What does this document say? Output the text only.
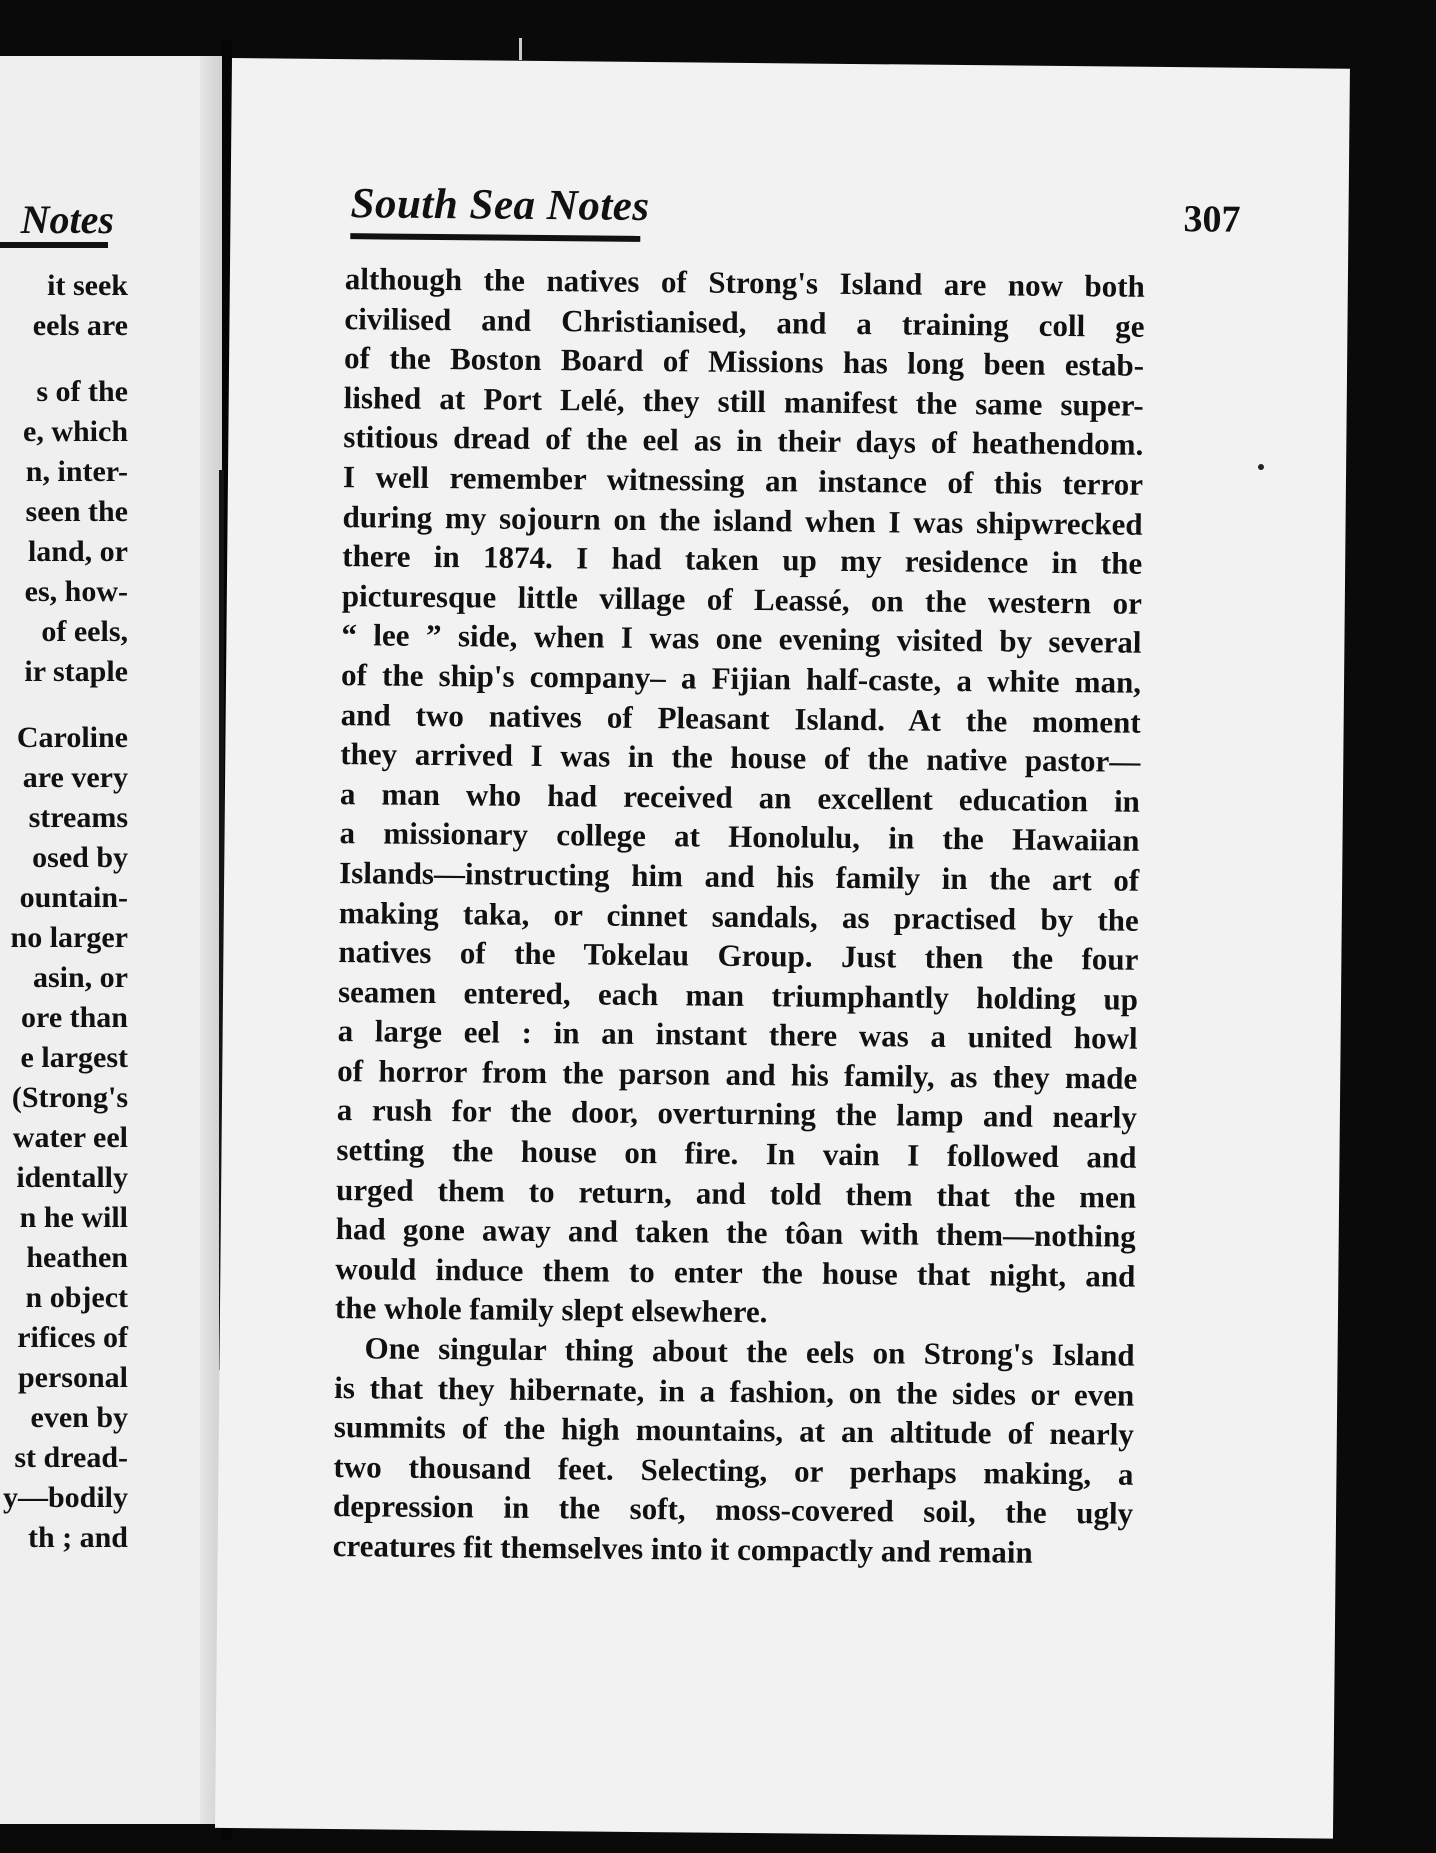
Notes
it seek
eels are
s of the
e, which
n, inter-
seen the
land, or
es, how-
of eels,
ir staple
Caroline
are very
streams
osed by
ountain-
no larger
asin, or
ore than
e largest
(Strong's
water eel
identally
n he will
heathen
n object
rifices of
personal
even by
st dread-
y—bodily
th ; and
South Sea Notes	307
although the natives of Strong's Island are now both
civilised and Christianised, and a training coll ge
of the Boston Board of Missions has long been estab-
lished at Port Lelé, they still manifest the same super-
stitious dread of the eel as in their days of heathendom.
I well remember witnessing an instance of this terror
during my sojourn on the island when I was shipwrecked
there in 1874. I had taken up my residence in the
picturesque little village of Leassé, on the western or
“ lee ” side, when I was one evening visited by several
of the ship's company– a Fijian half-caste, a white man,
and two natives of Pleasant Island. At the moment
they arrived I was in the house of the native pastor—
a man who had received an excellent education in
a missionary college at Honolulu, in the Hawaiian
Islands—instructing him and his family in the art of
making taka, or cinnet sandals, as practised by the
natives of the Tokelau Group. Just then the four
seamen entered, each man triumphantly holding up
a large eel : in an instant there was a united howl
of horror from the parson and his family, as they made
a rush for the door, overturning the lamp and nearly
setting the house on fire. In vain I followed and
urged them to return, and told them that the men
had gone away and taken the tôan with them—nothing
would induce them to enter the house that night, and
the whole family slept elsewhere.
One singular thing about the eels on Strong's Island
is that they hibernate, in a fashion, on the sides or even
summits of the high mountains, at an altitude of nearly
two thousand feet. Selecting, or perhaps making, a
depression in the soft, moss-covered soil, the ugly
creatures fit themselves into it compactly and remain
